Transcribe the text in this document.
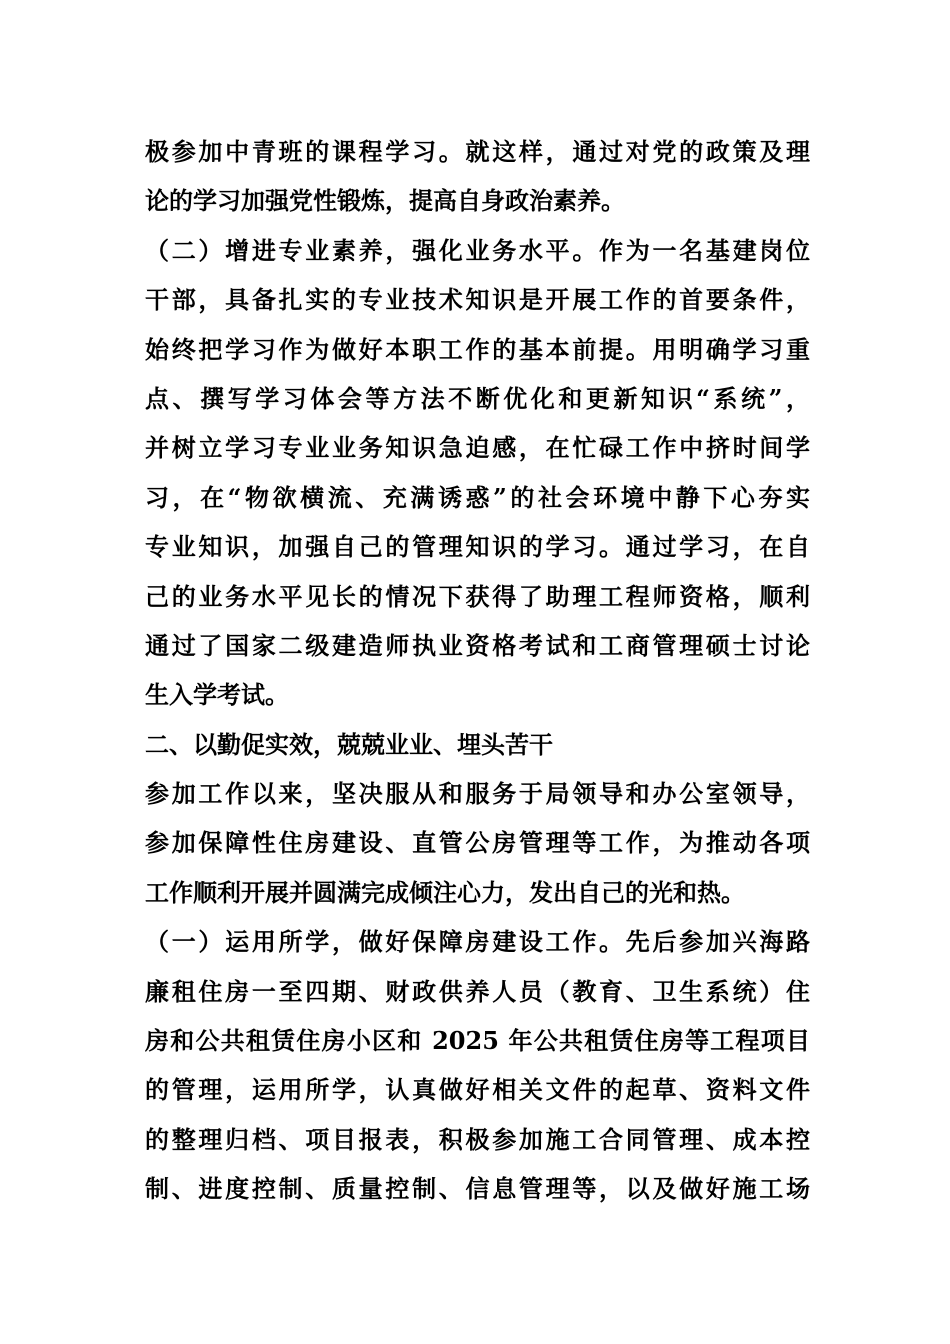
极参加中青班的课程学习。就这样，通过对党的政策及理
论的学习加强党性锻炼，提高自身政治素养。
（二）增进专业素养，强化业务水平。作为一名基建岗位
干部，具备扎实的专业技术知识是开展工作的首要条件，
始终把学习作为做好本职工作的基本前提。用明确学习重
点、撰写学习体会等方法不断优化和更新知识“系统”，
并树立学习专业业务知识急迫感，在忙碌工作中挤时间学
习，在“物欲横流、充满诱惑”的社会环境中静下心夯实
专业知识，加强自己的管理知识的学习。通过学习，在自
己的业务水平见长的情况下获得了助理工程师资格，顺利
通过了国家二级建造师执业资格考试和工商管理硕士讨论
生入学考试。
二、以勤促实效，兢兢业业、埋头苦干
参加工作以来，坚决服从和服务于局领导和办公室领导，
参加保障性住房建设、直管公房管理等工作，为推动各项
工作顺利开展并圆满完成倾注心力，发出自己的光和热。
（一）运用所学，做好保障房建设工作。先后参加兴海路
廉租住房一至四期、财政供养人员（教育、卫生系统）住
房和公共租赁住房小区和 2025 年公共租赁住房等工程项目
的管理，运用所学，认真做好相关文件的起草、资料文件
的整理归档、项目报表，积极参加施工合同管理、成本控
制、进度控制、质量控制、信息管理等，以及做好施工场
